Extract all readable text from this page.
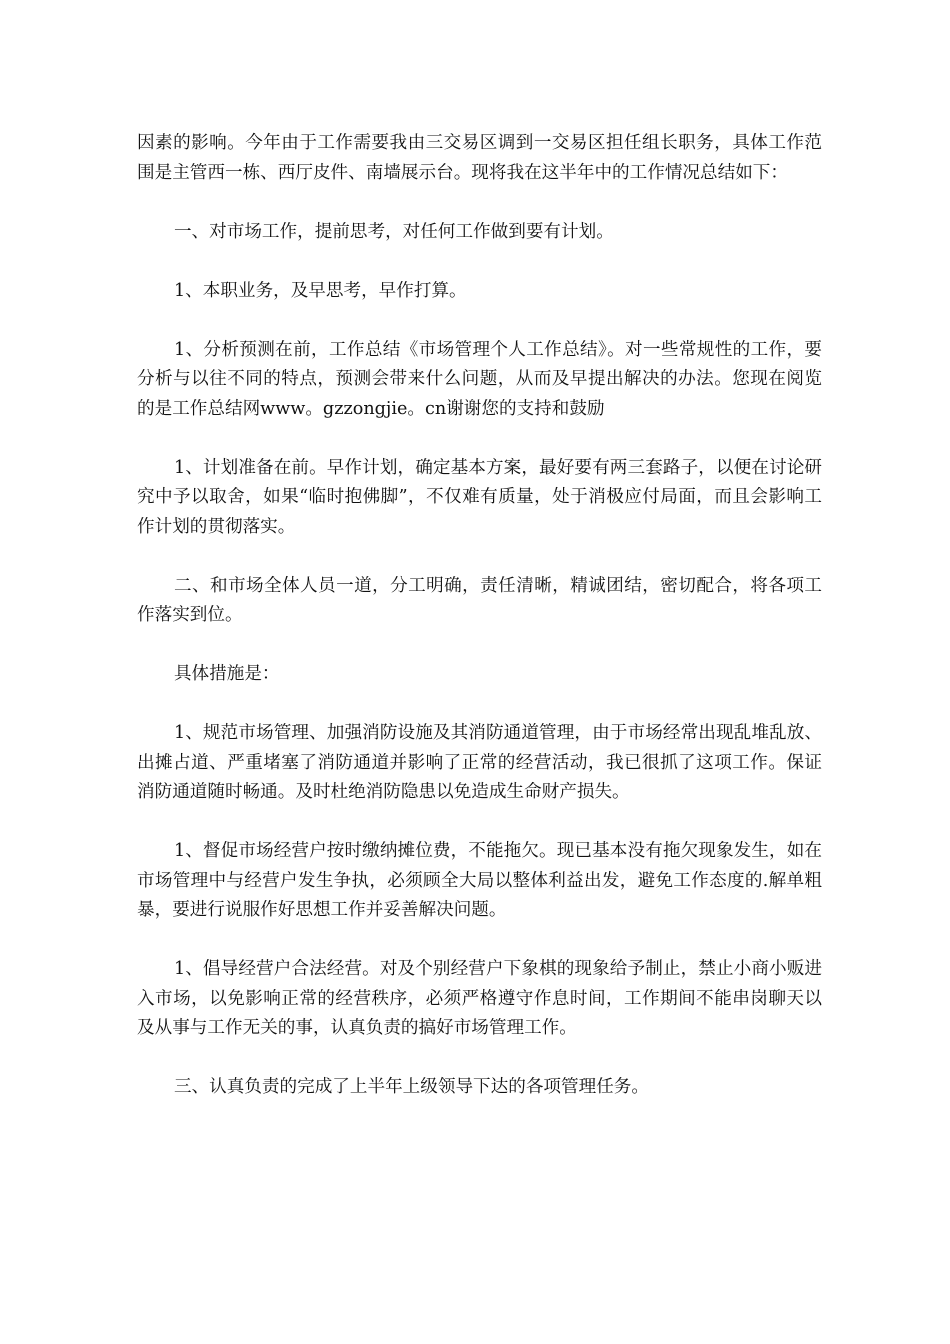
因素的影响。今年由于工作需要我由三交易区调到一交易区担任组长职务，具体工作范围是主管西一栋、西厅皮件、南墙展示台。现将我在这半年中的工作情况总结如下：

一、对市场工作，提前思考，对任何工作做到要有计划。

1、本职业务，及早思考，早作打算。

1、分析预测在前，工作总结《市场管理个人工作总结》。对一些常规性的工作，要分析与以往不同的特点，预测会带来什么问题，从而及早提出解决的办法。您现在阅览的是工作总结网www。gzzongjie。cn谢谢您的支持和鼓励

1、计划准备在前。早作计划，确定基本方案，最好要有两三套路子，以便在讨论研究中予以取舍，如果“临时抱佛脚”，不仅难有质量，处于消极应付局面，而且会影响工作计划的贯彻落实。

二、和市场全体人员一道，分工明确，责任清晰，精诚团结，密切配合，将各项工作落实到位。

具体措施是：

1、规范市场管理、加强消防设施及其消防通道管理，由于市场经常出现乱堆乱放、出摊占道、严重堵塞了消防通道并影响了正常的经营活动，我已很抓了这项工作。保证消防通道随时畅通。及时杜绝消防隐患以免造成生命财产损失。

1、督促市场经营户按时缴纳摊位费，不能拖欠。现已基本没有拖欠现象发生，如在市场管理中与经营户发生争执，必须顾全大局以整体利益出发，避免工作态度的.解单粗暴，要进行说服作好思想工作并妥善解决问题。

1、倡导经营户合法经营。对及个别经营户下象棋的现象给予制止，禁止小商小贩进入市场，以免影响正常的经营秩序，必须严格遵守作息时间，工作期间不能串岗聊天以及从事与工作无关的事，认真负责的搞好市场管理工作。

三、认真负责的完成了上半年上级领导下达的各项管理任务。
